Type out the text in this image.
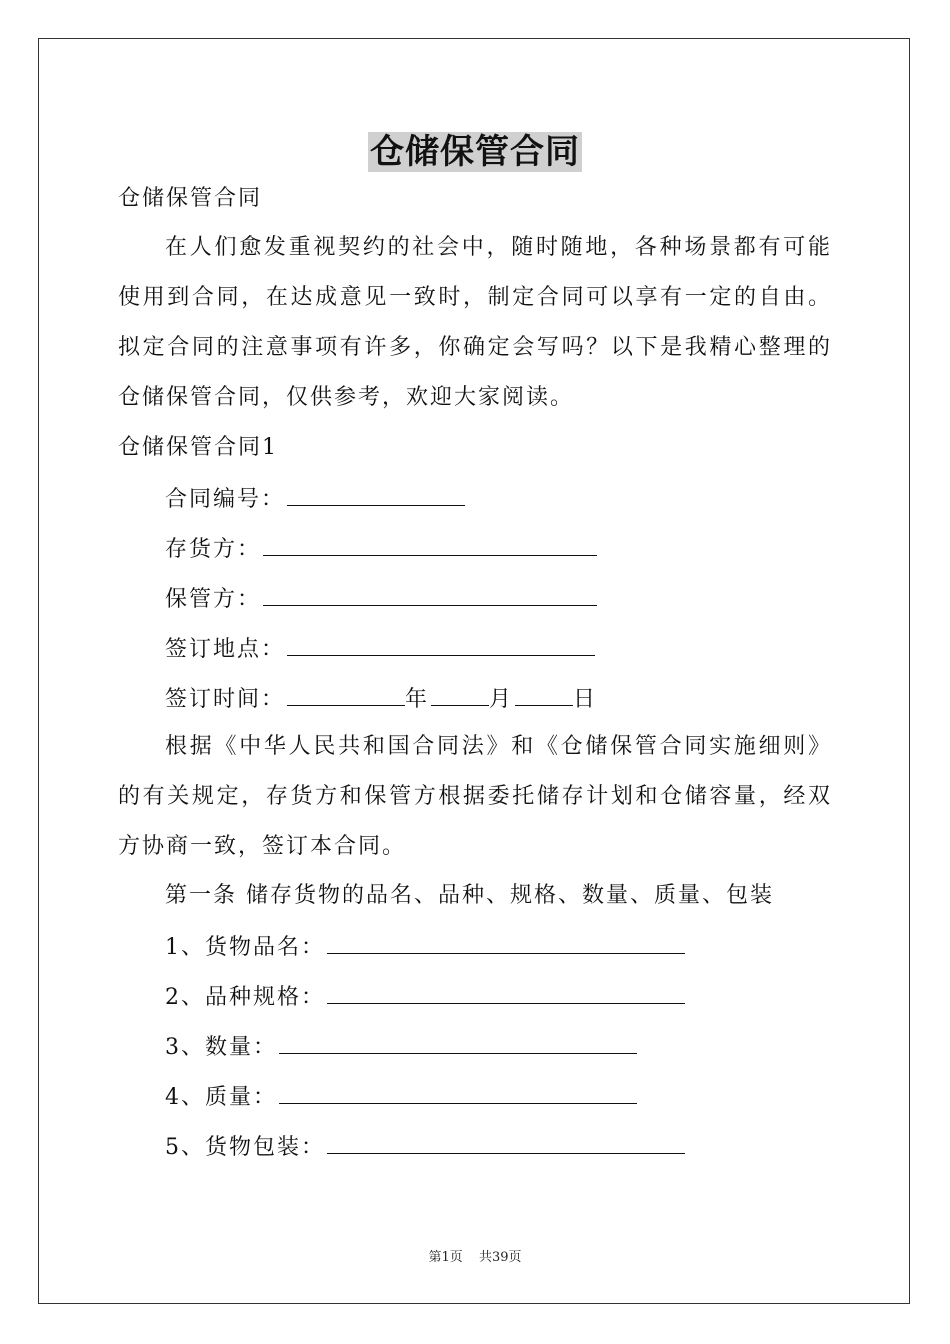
仓储保管合同
仓储保管合同
在人们愈发重视契约的社会中，随时随地，各种场景都有可能使用到合同，在达成意见一致时，制定合同可以享有一定的自由。拟定合同的注意事项有许多，你确定会写吗？以下是我精心整理的仓储保管合同，仅供参考，欢迎大家阅读。
仓储保管合同1
合同编号：
存货方：
保管方：
签订地点：
签订时间：	年	月	日
根据《中华人民共和国合同法》和《仓储保管合同实施细则》的有关规定，存货方和保管方根据委托储存计划和仓储容量，经双方协商一致，签订本合同。
第一条 储存货物的品名、品种、规格、数量、质量、包装
1、货物品名：
2、品种规格：
3、数量：
4、质量：
5、货物包装：
第1页 共39页
